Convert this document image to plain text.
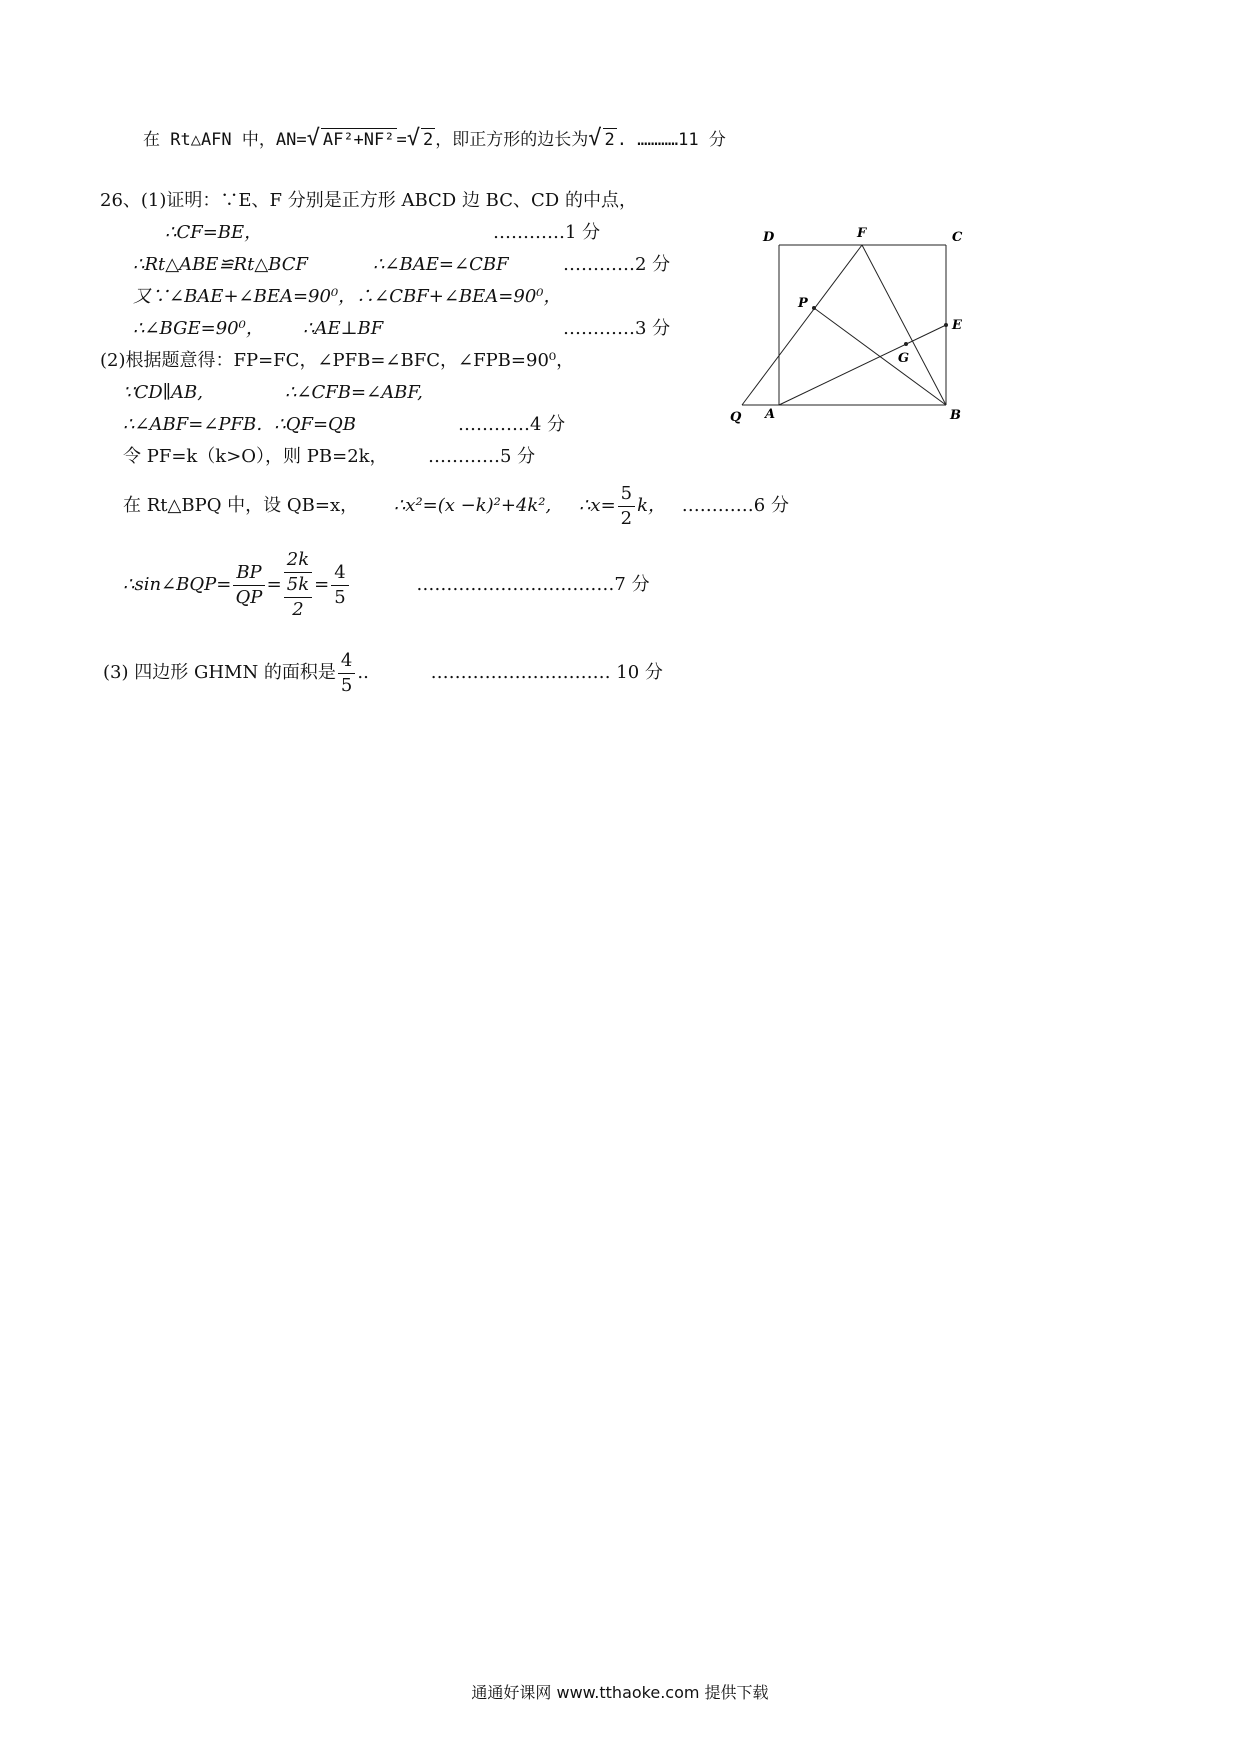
在 Rt△AFN 中，AN=√ AF²+NF² =√ 2 ，即正方形的边长为√ 2 . …………11 分
26、(1)证明：∵E、F 分别是正方形 ABCD 边 BC、CD 的中点，
∴CF=BE，	…………1 分
∴Rt△ABE≌Rt△BCF	∴∠BAE=∠CBF	…………2 分
又∵∠BAE+∠BEA=90⁰，∴∠CBF+∠BEA=90⁰，
∴∠BGE=90⁰， ∴AE⊥BF	…………3 分
(2)根据题意得：FP=FC，∠PFB=∠BFC，∠FPB=90⁰，
∵CD∥AB,	∴∠CFB=∠ABF,
∴∠ABF=∠PFB．∴QF=QB	…………4 分
令 PF=k（k>O），则 PB=2k， …………5 分
在 Rt△BPQ 中，设 QB=x， ∴x²=(x −k)²+4k², ∴x= $\frac{5}{2}$ k， …………6 分
∴sin∠BQP= $\frac{BP}{QP}$ =
2k
5k
2
= $\frac{4}{5}$	……………………………7 分
(3) 四边形 GHMN 的面积是 $\frac{4}{5}$ ..	………………………… 10 分
D	F	C
P
E
G
Q A	B
通通好课网 www.tthaoke.com 提供下载
